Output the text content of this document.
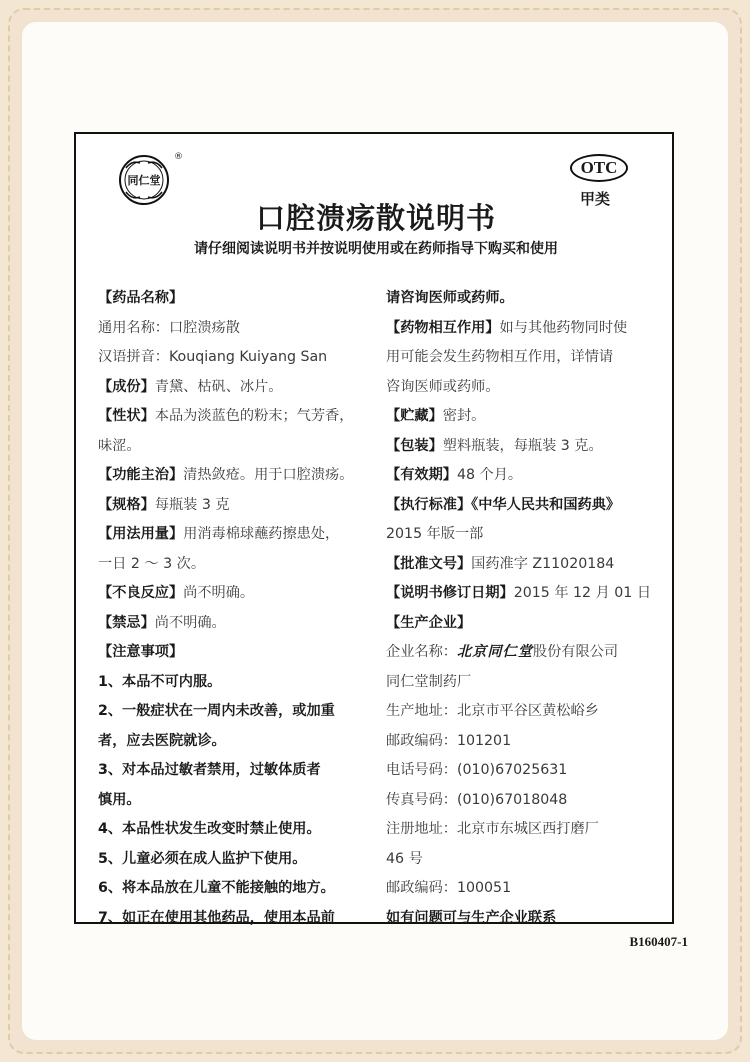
同仁堂
®
口腔溃疡散说明书
OTC
甲类
请仔细阅读说明书并按说明使用或在药师指导下购买和使用
【药品名称】
通用名称：口腔溃疡散
汉语拼音：Kouqiang Kuiyang San
【成份】青黛、枯矾、冰片。
【性状】本品为淡蓝色的粉末；气芳香，
味涩。
【功能主治】清热敛疮。用于口腔溃疡。
【规格】每瓶装 3 克
【用法用量】用消毒棉球蘸药擦患处，
一日 2 ～ 3 次。
【不良反应】尚不明确。
【禁忌】尚不明确。
【注意事项】
1、本品不可内服。
2、一般症状在一周内未改善，或加重
者，应去医院就诊。
3、对本品过敏者禁用，过敏体质者
慎用。
4、本品性状发生改变时禁止使用。
5、儿童必须在成人监护下使用。
6、将本品放在儿童不能接触的地方。
7、如正在使用其他药品，使用本品前
请咨询医师或药师。
【药物相互作用】如与其他药物同时使
用可能会发生药物相互作用，详情请
咨询医师或药师。
【贮藏】密封。
【包装】塑料瓶装，每瓶装 3 克。
【有效期】48 个月。
【执行标准】《中华人民共和国药典》
2015 年版一部
【批准文号】国药准字 Z11020184
【说明书修订日期】2015 年 12 月 01 日
【生产企业】
企业名称：北京同仁堂股份有限公司
同仁堂制药厂
生产地址：北京市平谷区黄松峪乡
邮政编码：101201
电话号码：(010)67025631
传真号码：(010)67018048
注册地址：北京市东城区西打磨厂
46 号
邮政编码：100051
如有问题可与生产企业联系
B160407-1
